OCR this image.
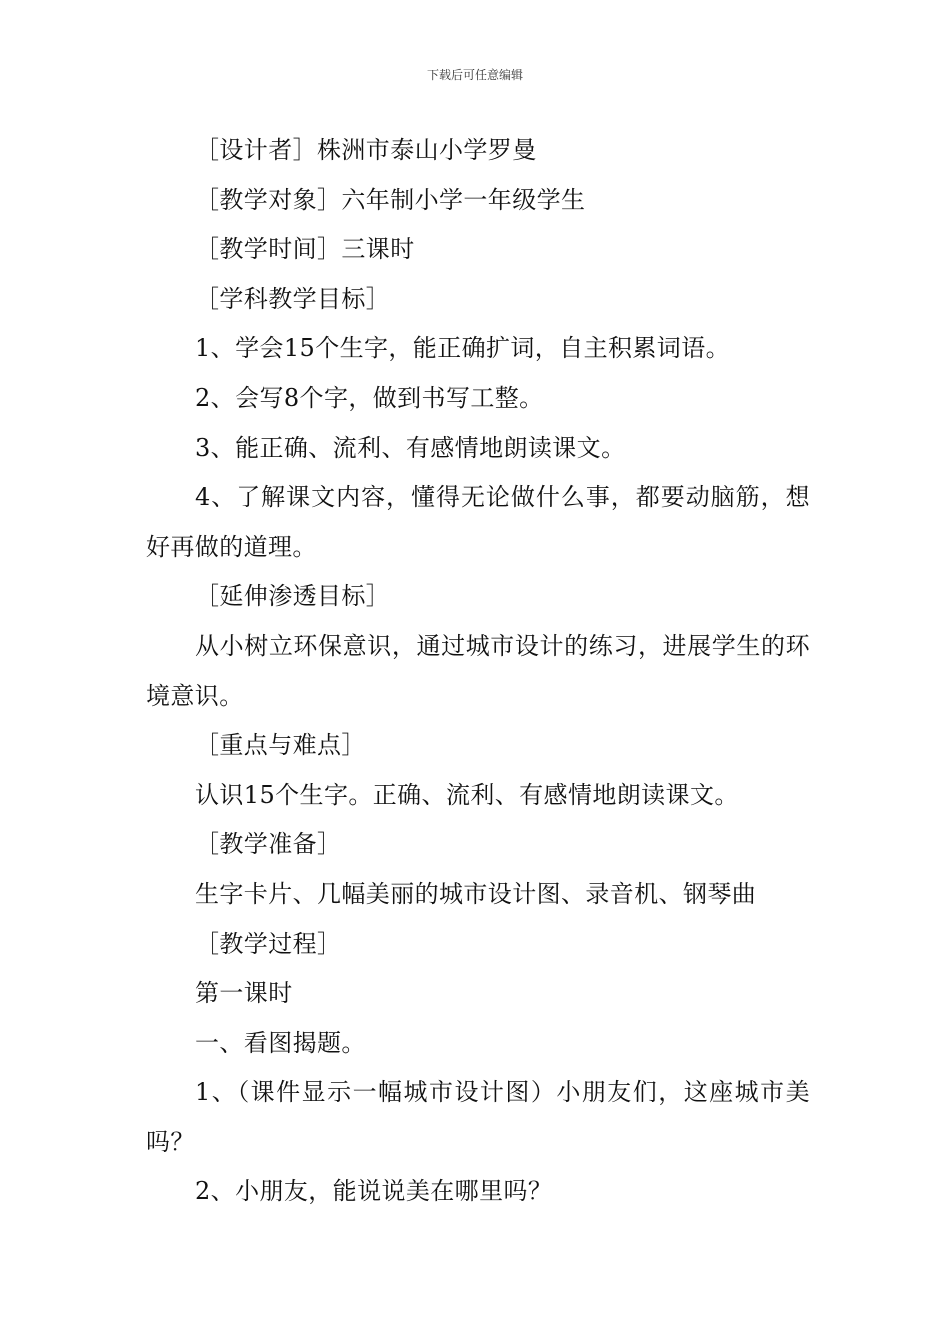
下载后可任意编辑

［设计者］株洲市泰山小学罗曼

［教学对象］六年制小学一年级学生

［教学时间］三课时

［学科教学目标］

1、学会15个生字，能正确扩词，自主积累词语。

2、会写8个字，做到书写工整。

3、能正确、流利、有感情地朗读课文。

4、了解课文内容，懂得无论做什么事，都要动脑筋，想好再做的道理。

［延伸渗透目标］

从小树立环保意识，通过城市设计的练习，进展学生的环境意识。

［重点与难点］

认识15个生字。正确、流利、有感情地朗读课文。

［教学准备］

生字卡片、几幅美丽的城市设计图、录音机、钢琴曲

［教学过程］

第一课时

一、看图揭题。

1、（课件显示一幅城市设计图）小朋友们，这座城市美吗？

2、小朋友，能说说美在哪里吗？
